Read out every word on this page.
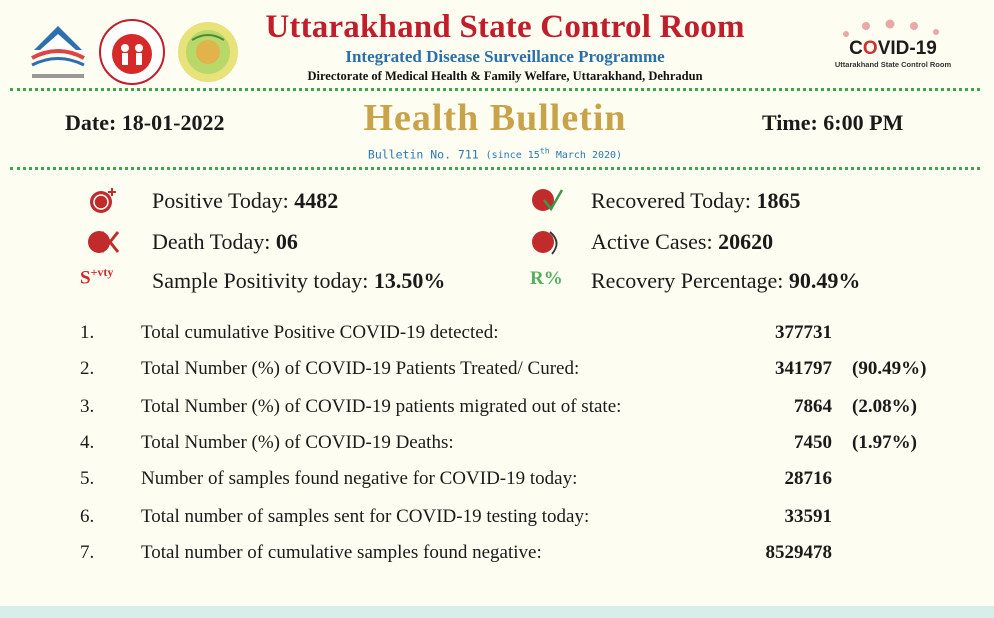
Uttarakhand State Control Room
Integrated Disease Surveillance Programme
Directorate of Medical Health & Family Welfare, Uttarakhand, Dehradun
COVID-19
Uttarakhand State Control Room
Date: 18-01-2022	Health Bulletin	Time: 6:00 PM
Bulletin No. 711 (since 15th March 2020)
Positive Today: 4482	Recovered Today: 1865
Death Today: 06	Active Cases: 20620
$S^{+vty}$ Sample Positivity today: 13.50%	R% Recovery Percentage: 90.49%
1. Total cumulative Positive COVID-19 detected:	377731
2. Total Number (%) of COVID-19 Patients Treated/ Cured:	341797 (90.49%)
3. Total Number (%) of COVID-19 patients migrated out of state:	7864 (2.08%)
4. Total Number (%) of COVID-19 Deaths:	7450 (1.97%)
5. Number of samples found negative for COVID-19 today:	28716
6. Total number of samples sent for COVID-19 testing today:	33591
7. Total number of cumulative samples found negative:	8529478
